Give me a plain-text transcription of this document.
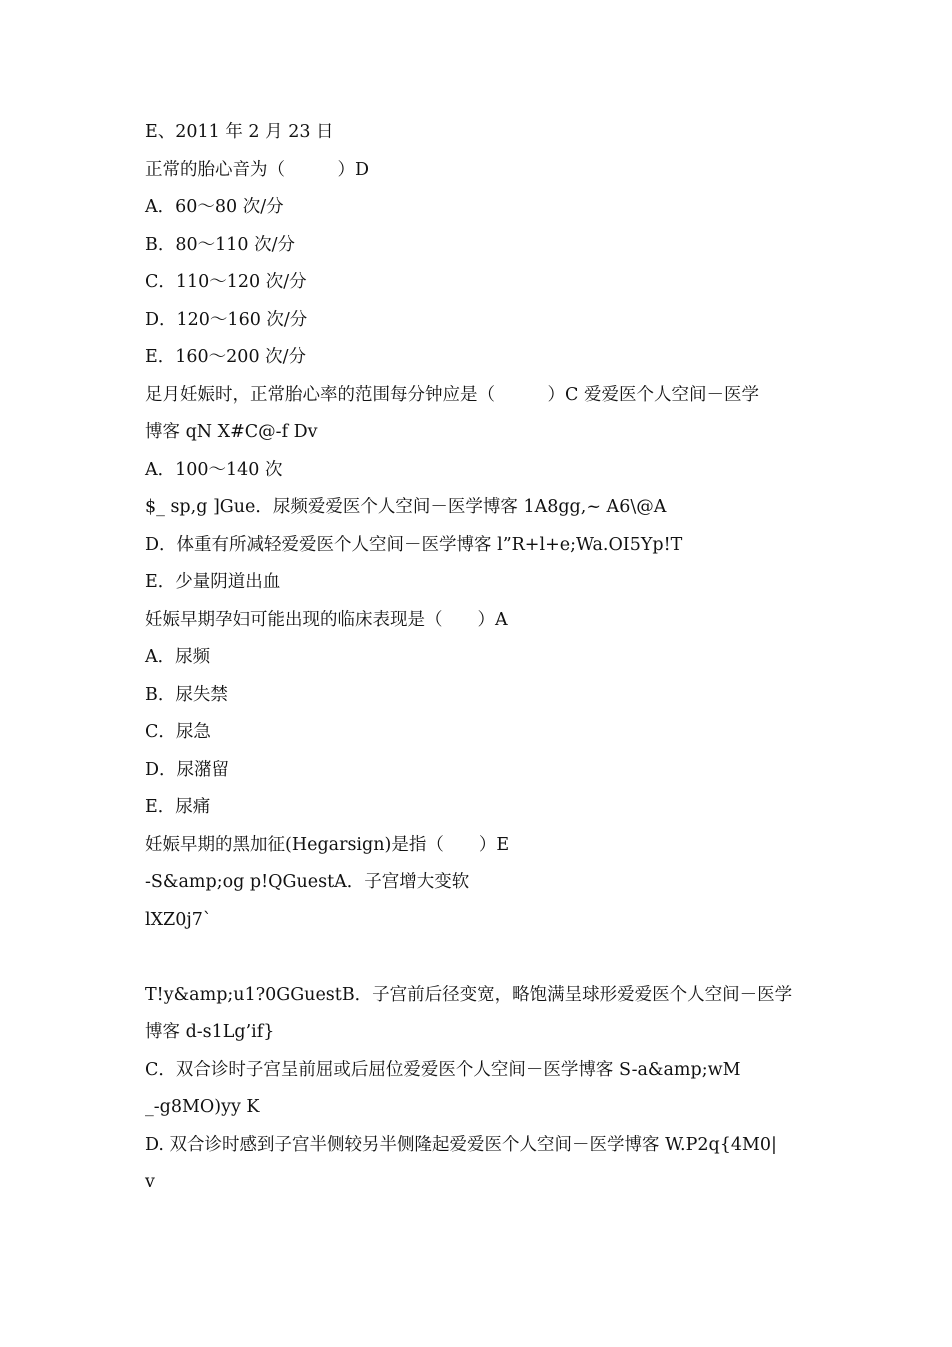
E、2011 年 2 月 23 日
正常的胎心音为（　　　）D
A．60～80 次/分
B．80～110 次/分
C．110～120 次/分
D．120～160 次/分
E．160～200 次/分
足月妊娠时，正常胎心率的范围每分钟应是（　　　）C 爱爱医个人空间－医学
博客 qN X#C@-f Dv
A．100～140 次
$_ sp,g ]Gue．尿频爱爱医个人空间－医学博客 1A8gg,~ A6\@A
D．体重有所减轻爱爱医个人空间－医学博客 l”R+l+e;Wa.OI5Yp!T
E．少量阴道出血
妊娠早期孕妇可能出现的临床表现是（　　）A
A．尿频
B．尿失禁
C．尿急
D．尿潴留
E．尿痛
妊娠早期的黑加征(Hegarsign)是指（　　）E
-S&amp;og p!QGuestA．子宫增大变软
lXZ0j7`
T!y&amp;u1?0GGuestB．子宫前后径变宽，略饱满呈球形爱爱医个人空间－医学
博客 d-s1Lg’if}
C．双合诊时子宫呈前屈或后屈位爱爱医个人空间－医学博客 S-a&amp;wM
_-g8MO)yy K
D. 双合诊时感到子宫半侧较另半侧隆起爱爱医个人空间－医学博客 W.P2q{4M0|
v
